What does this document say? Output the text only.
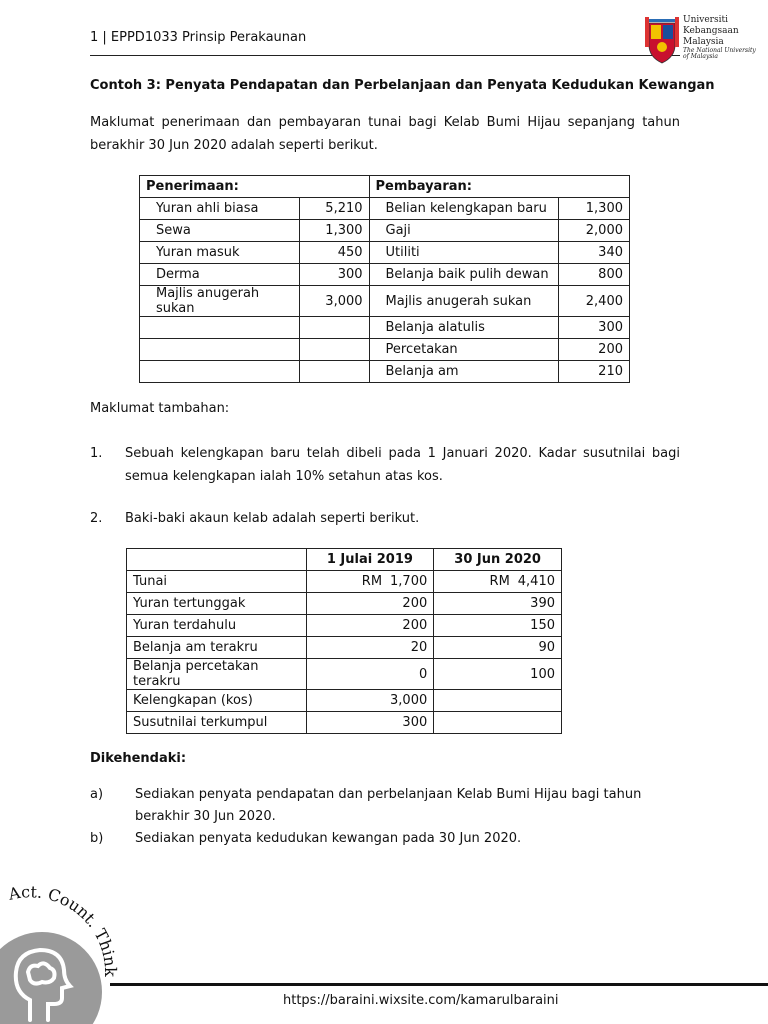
1 | EPPD1033 Prinsip Perakaunan
Universiti
Kebangsaan
Malaysia
The National University of Malaysia
Contoh 3: Penyata Pendapatan dan Perbelanjaan dan Penyata Kedudukan Kewangan
Maklumat penerimaan dan pembayaran tunai bagi Kelab Bumi Hijau sepanjang tahun berakhir 30 Jun 2020 adalah seperti berikut.
Penerimaan:		Pembayaran:	
Yuran ahli biasa	5,210	Belian kelengkapan baru	1,300
Sewa	1,300	Gaji	2,000
Yuran masuk	450	Utiliti	340
Derma	300	Belanja baik pulih dewan	800
Majlis anugerah sukan	3,000	Majlis anugerah sukan	2,400
		Belanja alatulis	300
		Percetakan	200
		Belanja am	210
Maklumat tambahan:
1. Sebuah kelengkapan baru telah dibeli pada 1 Januari 2020. Kadar susutnilai bagi semua kelengkapan ialah 10% setahun atas kos.
2. Baki-baki akaun kelab adalah seperti berikut.
	1 Julai 2019	30 Jun 2020
Tunai	RM 1,700	RM 4,410

Yuran tertunggak	200	390
Yuran terdahulu	200	150
Belanja am terakru	20	90
Belanja percetakan terakru	0	100
Kelengkapan (kos)	3,000	
Susutnilai terkumpul	300	
Dikehendaki:
a) Sediakan penyata pendapatan dan perbelanjaan Kelab Bumi Hijau bagi tahun berakhir 30 Jun 2020.
b) Sediakan penyata kedudukan kewangan pada 30 Jun 2020.
Act. Count. Think
https://baraini.wixsite.com/kamarulbaraini
